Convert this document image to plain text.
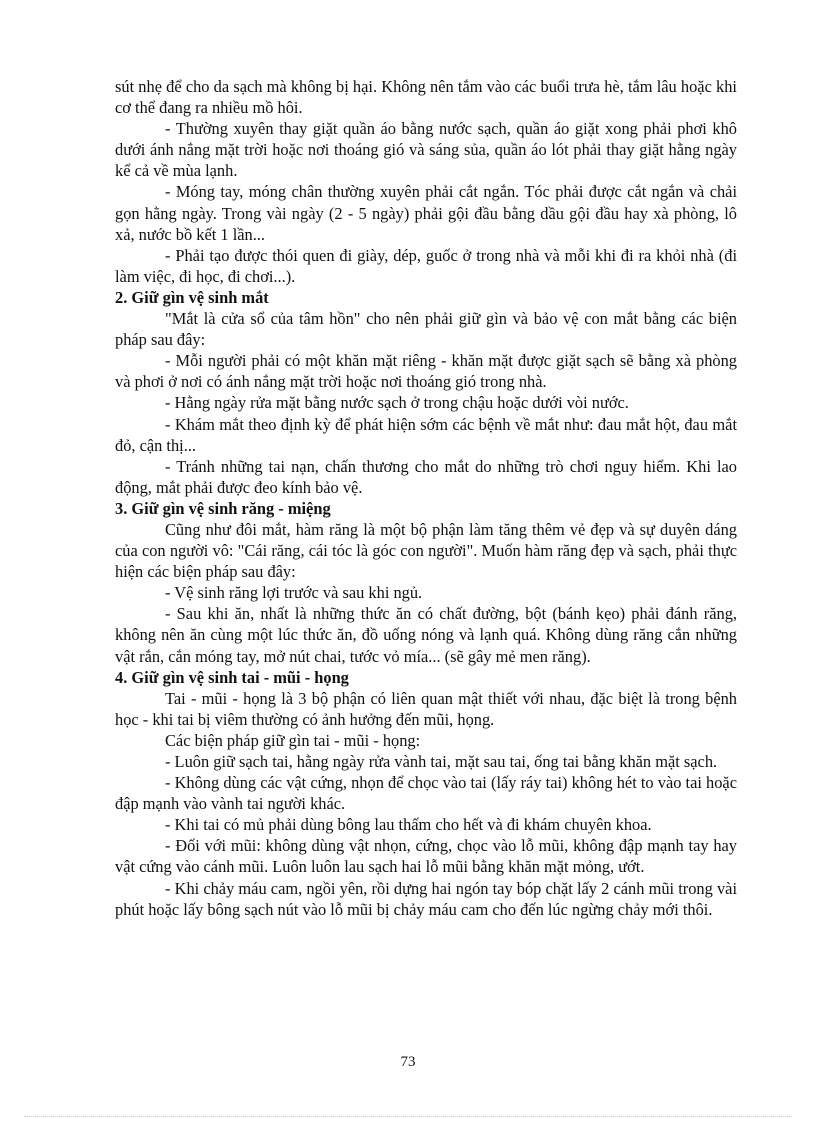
sút nhẹ để cho da sạch mà không bị hại. Không nên tắm vào các buổi trưa hè, tắm lâu hoặc khi cơ thể đang ra nhiều mồ hôi.

- Thường xuyên thay giặt quần áo bằng nước sạch, quần áo giặt xong phải phơi khô dưới ánh nắng mặt trời hoặc nơi thoáng gió và sáng sủa, quần áo lót phải thay giặt hằng ngày kể cả về mùa lạnh.

- Móng tay, móng chân thường xuyên phải cắt ngắn. Tóc phải được cắt ngắn và chải gọn hằng ngày. Trong vài ngày (2 - 5 ngày) phải gội đầu bằng dầu gội đầu hay xà phòng, lô xả, nước bồ kết 1 lần...

- Phải tạo được thói quen đi giày, dép, guốc ở trong nhà và mỗi khi đi ra khỏi nhà (đi làm việc, đi học, đi chơi...).

2. Giữ gìn vệ sinh mắt

"Mắt là cửa sổ của tâm hồn" cho nên phải giữ gìn và bảo vệ con mắt bằng các biện pháp sau đây:

- Mỗi người phải có một khăn mặt riêng - khăn mặt được giặt sạch sẽ bằng xà phòng và phơi ở nơi có ánh nắng mặt trời hoặc nơi thoáng gió trong nhà.

- Hằng ngày rửa mặt bằng nước sạch ở trong chậu hoặc dưới vòi nước.

- Khám mắt theo định kỳ để phát hiện sớm các bệnh về mắt như: đau mắt hột, đau mắt đỏ, cận thị...

- Tránh những tai nạn, chấn thương cho mắt do những trò chơi nguy hiểm. Khi lao động, mắt phải được đeo kính bảo vệ.

3. Giữ gìn vệ sinh răng - miệng

Cũng như đôi mắt, hàm răng là một bộ phận làm tăng thêm vẻ đẹp và sự duyên dáng của con người vô: "Cái răng, cái tóc là góc con người". Muốn hàm răng đẹp và sạch, phải thực hiện các biện pháp sau đây:

- Vệ sinh răng lợi trước và sau khi ngủ.

- Sau khi ăn, nhất là những thức ăn có chất đường, bột (bánh kẹo) phải đánh răng, không nên ăn cùng một lúc thức ăn, đồ uống nóng và lạnh quá. Không dùng răng cắn những vật rắn, cắn móng tay, mở nút chai, tước vỏ mía... (sẽ gây mẻ men răng).

4. Giữ gìn vệ sinh tai - mũi - họng

Tai - mũi - họng là 3 bộ phận có liên quan mật thiết với nhau, đặc biệt là trong bệnh học - khi tai bị viêm thường có ảnh hưởng đến mũi, họng.

Các biện pháp giữ gìn tai - mũi - họng:

- Luôn giữ sạch tai, hằng ngày rửa vành tai, mặt sau tai, ống tai bằng khăn mặt sạch.

- Không dùng các vật cứng, nhọn để chọc vào tai (lấy ráy tai) không hét to vào tai hoặc đập mạnh vào vành tai người khác.

- Khi tai có mủ phải dùng bông lau thấm cho hết và đi khám chuyên khoa.

- Đối với mũi: không dùng vật nhọn, cứng, chọc vào lỗ mũi, không đập mạnh tay hay vật cứng vào cánh mũi. Luôn luôn lau sạch hai lỗ mũi bằng khăn mặt mỏng, ướt.

- Khi chảy máu cam, ngồi yên, rồi dựng hai ngón tay bóp chặt lấy 2 cánh mũi trong vài phút hoặc lấy bông sạch nút vào lỗ mũi bị chảy máu cam cho đến lúc ngừng chảy mới thôi.

73
